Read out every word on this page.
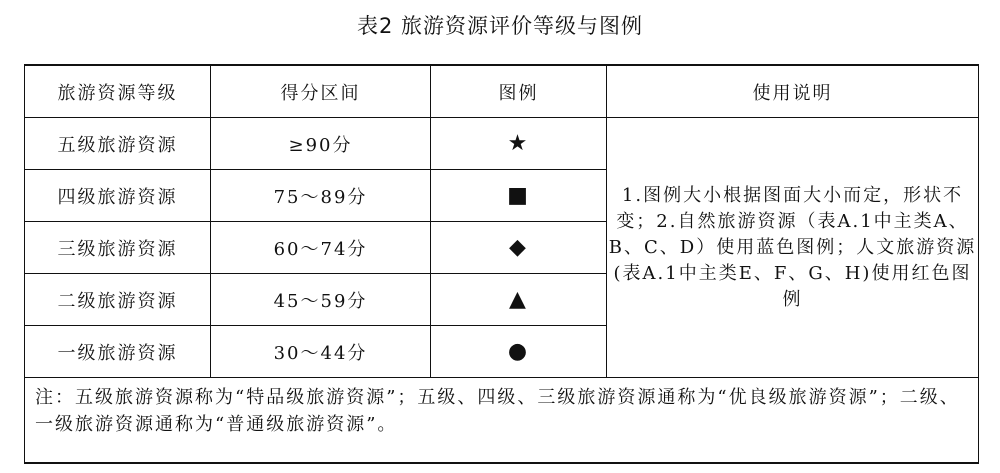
表2 旅游资源评价等级与图例
旅游资源等级	得分区间	图例	使用说明
五级旅游资源	≥90分	★	1.图例大小根据图面大小而定，形状不变；2.自然旅游资源（表A.1中主类A、B、C、D）使用蓝色图例；人文旅游资源(表A.1中主类E、F、G、H)使用红色图例
四级旅游资源	75～89分	■	
三级旅游资源	60～74分	◆	
二级旅游资源	45～59分	▲	
一级旅游资源	30～44分	●	
注：五级旅游资源称为“特品级旅游资源”；五级、四级、三级旅游资源通称为“优良级旅游资源”；二级、一级旅游资源通称为“普通级旅游资源”。			
